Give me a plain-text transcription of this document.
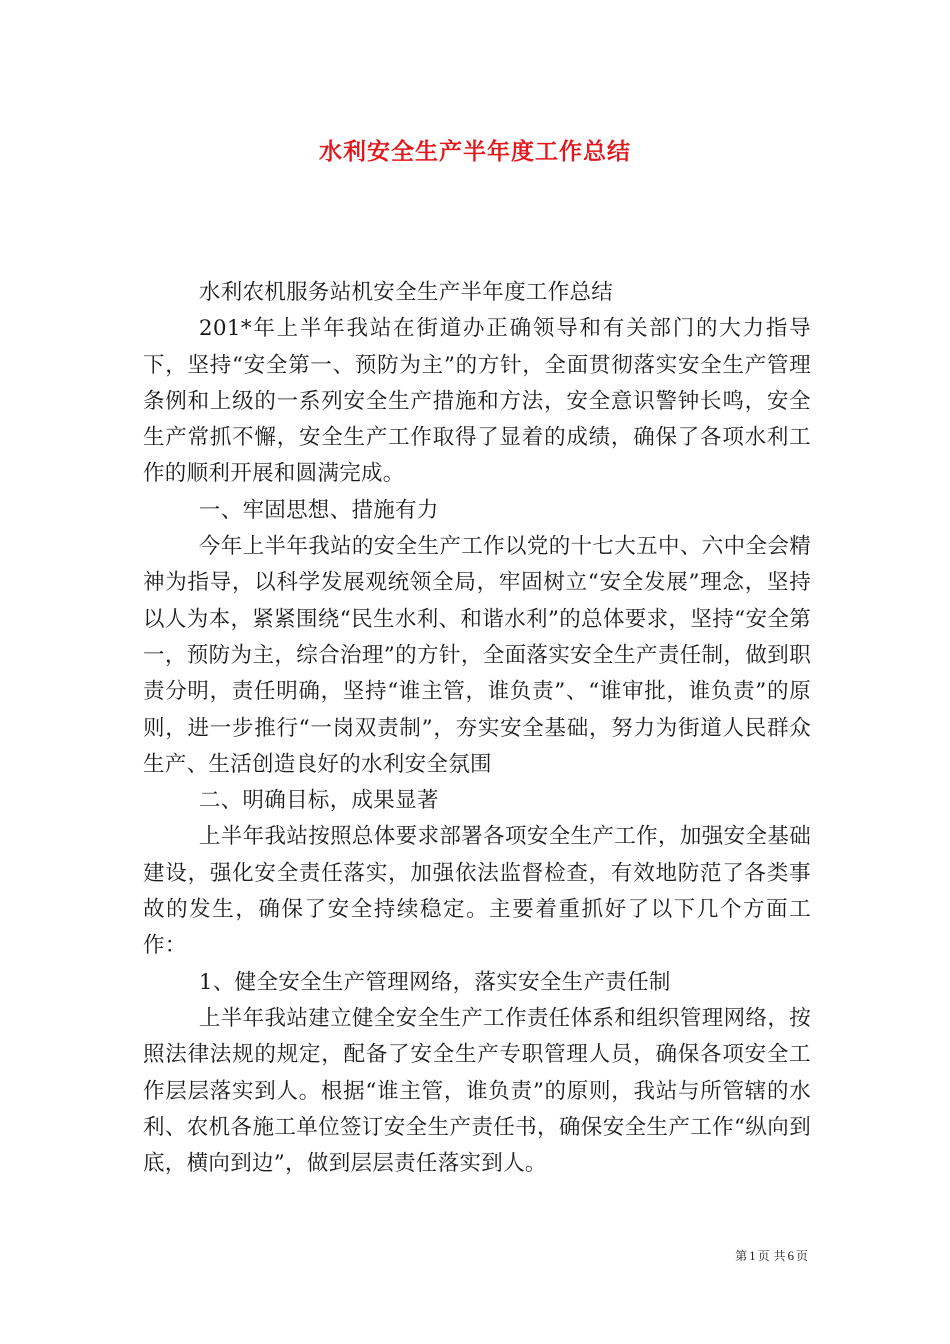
水利安全生产半年度工作总结

水利农机服务站机安全生产半年度工作总结

201*年上半年我站在街道办正确领导和有关部门的大力指导下，坚持“安全第一、预防为主”的方针，全面贯彻落实安全生产管理条例和上级的一系列安全生产措施和方法，安全意识警钟长鸣，安全生产常抓不懈，安全生产工作取得了显着的成绩，确保了各项水利工作的顺利开展和圆满完成。

一、牢固思想、措施有力

今年上半年我站的安全生产工作以党的十七大五中、六中全会精神为指导，以科学发展观统领全局，牢固树立“安全发展”理念，坚持以人为本，紧紧围绕“民生水利、和谐水利”的总体要求，坚持“安全第一，预防为主，综合治理”的方针，全面落实安全生产责任制，做到职责分明，责任明确，坚持“谁主管，谁负责”、“谁审批，谁负责”的原则，进一步推行“一岗双责制”，夯实安全基础，努力为街道人民群众生产、生活创造良好的水利安全氛围

二、明确目标，成果显著

上半年我站按照总体要求部署各项安全生产工作，加强安全基础建设，强化安全责任落实，加强依法监督检查，有效地防范了各类事故的发生，确保了安全持续稳定。主要着重抓好了以下几个方面工作：

1、健全安全生产管理网络，落实安全生产责任制

上半年我站建立健全安全生产工作责任体系和组织管理网络，按照法律法规的规定，配备了安全生产专职管理人员，确保各项安全工作层层落实到人。根据“谁主管，谁负责”的原则，我站与所管辖的水利、农机各施工单位签订安全生产责任书，确保安全生产工作“纵向到底，横向到边”，做到层层责任落实到人。

第 1 页 共 6 页
